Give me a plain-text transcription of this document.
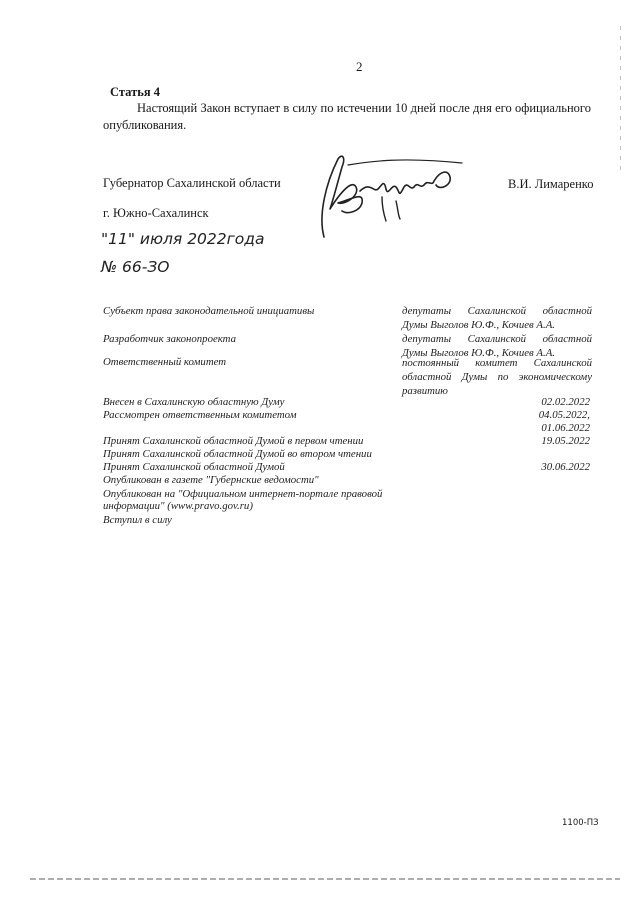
2
Статья 4
Настоящий Закон вступает в силу по истечении 10 дней после дня его официального опубликования.
Губернатор Сахалинской области	В.И. Лимаренко
г. Южно-Сахалинск
"11" июля 2022года
№ 66-ЗО
Субъект права законодательной инициативы	депутаты Сахалинской областной
Думы Выголов Ю.Ф., Кочиев А.А.
Разработчик законопроекта	депутаты Сахалинской областной
Думы Выголов Ю.Ф., Кочиев А.А.
Ответственный комитет	постоянный комитет Сахалинской
областной Думы по экономическому
развитию
Внесен в Сахалинскую областную Думу	02.02.2022
Рассмотрен ответственным комитетом	04.05.2022,
01.06.2022
Принят Сахалинской областной Думой в первом чтении	19.05.2022
Принят Сахалинской областной Думой во втором чтении
Принят Сахалинской областной Думой	30.06.2022
Опубликован в газете "Губернские ведомости"
Опубликован на "Официальном интернет-портале правовой
информации" (www.pravo.gov.ru)
Вступил в силу
1100-ПЗ
